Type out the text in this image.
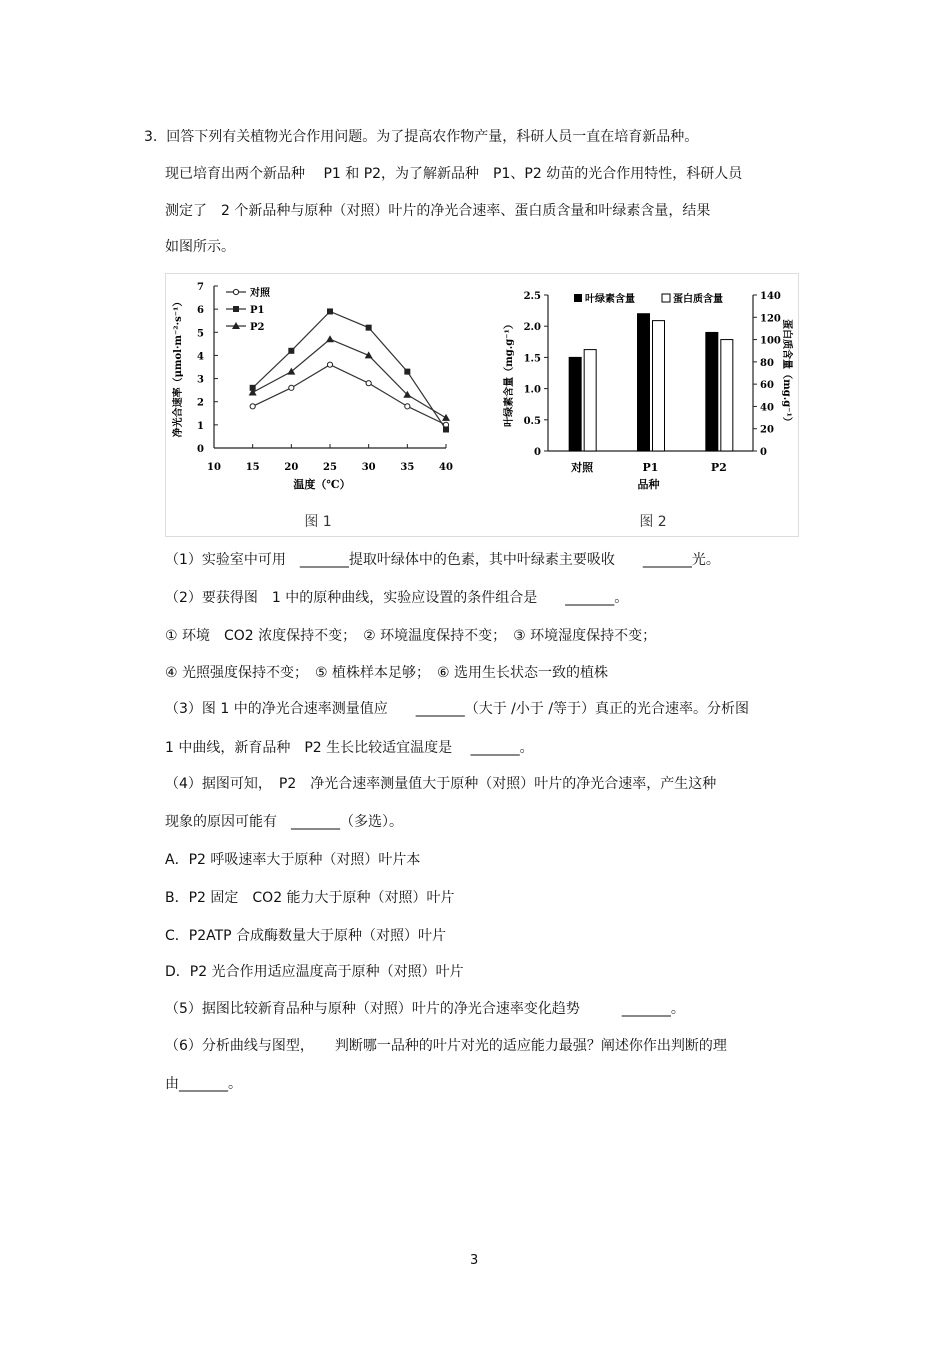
3.  回答下列有关植物光合作用问题。为了提高农作物产量，科研人员一直在培育新品种。
现已培育出两个新品种　 P1 和 P2，为了解新品种　P1、P2 幼苗的光合作用特性，科研人员
测定了　2 个新品种与原种（对照）叶片的净光合速率、蛋白质含量和叶绿素含量，结果
如图所示。
0
1
2
3
4
5
6
7
10 15 20 25 30 35 40
温度（℃）
净光合速率（μmol·m⁻²·s⁻¹）
对照
P1
P2
图 1
0
0.5
1.0
1.5
2.0
2.5
0
20
40
60
80
100
120
140
叶绿素含量（mg.g⁻¹）	蛋白质含量（mg.g⁻¹）
对照	P1	P2
品种
叶绿素含量	蛋白质含量
图 2
（1）实验室中可用　_______提取叶绿体中的色素，其中叶绿素主要吸收　　_______光。
（2）要获得图　1 中的原种曲线，实验应设置的条件组合是　　_______。
① 环境　CO2 浓度保持不变；　② 环境温度保持不变；　③ 环境湿度保持不变；
④ 光照强度保持不变；　⑤ 植株样本足够；　⑥ 选用生长状态一致的植株
（3）图 1 中的净光合速率测量值应　　_______（大于 /小于 /等于）真正的光合速率。分析图
1 中曲线，新育品种　P2 生长比较适宜温度是　 _______。
（4）据图可知，　P2　净光合速率测量值大于原种（对照）叶片的净光合速率，产生这种
现象的原因可能有　_______（多选）。
A．P2 呼吸速率大于原种（对照）叶片本
B．P2 固定　CO2 能力大于原种（对照）叶片
C．P2ATP 合成酶数量大于原种（对照）叶片
D．P2 光合作用适应温度高于原种（对照）叶片
（5）据图比较新育品种与原种（对照）叶片的净光合速率变化趋势　　　_______。
（6）分析曲线与图型，　　判断哪一品种的叶片对光的适应能力最强？阐述你作出判断的理
由_______。
3
